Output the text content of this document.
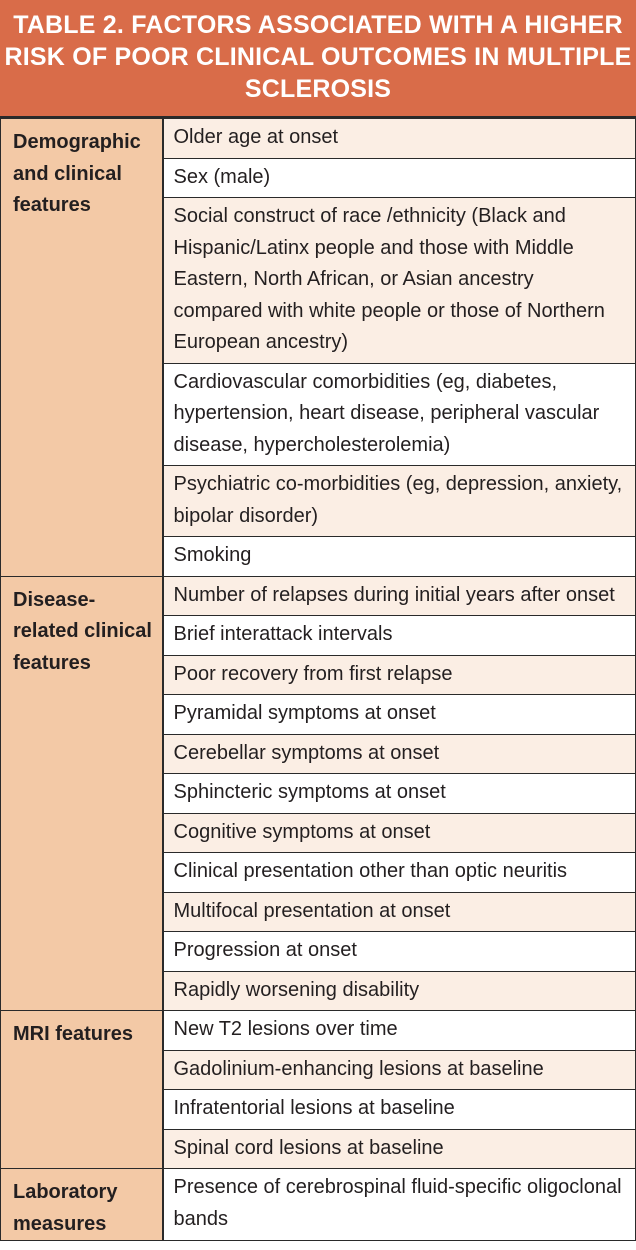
TABLE 2. FACTORS ASSOCIATED WITH A HIGHER RISK OF POOR CLINICAL OUTCOMES IN MULTIPLE SCLEROSIS
Demographic and clinical features	Older age at onset
	Sex (male)
	Social construct of race /ethnicity (Black and Hispanic/Latinx people and those with Middle Eastern, North African, or Asian ancestry compared with white people or those of Northern European ancestry)
	Cardiovascular comorbidities (eg, diabetes, hypertension, heart disease, peripheral vascular disease, hypercholesterolemia)
	Psychiatric co-morbidities (eg, depression, anxiety, bipolar disorder)
	Smoking
Disease-related clinical features	Number of relapses during initial years after onset
	Brief interattack intervals
	Poor recovery from first relapse
	Pyramidal symptoms at onset
	Cerebellar symptoms at onset
	Sphincteric symptoms at onset
	Cognitive symptoms at onset
	Clinical presentation other than optic neuritis
	Multifocal presentation at onset
	Progression at onset
	Rapidly worsening disability
MRI features	New T2 lesions over time
	Gadolinium-enhancing lesions at baseline
	Infratentorial lesions at baseline
	Spinal cord lesions at baseline
Laboratory measures	Presence of cerebrospinal fluid-specific oligoclonal bands
